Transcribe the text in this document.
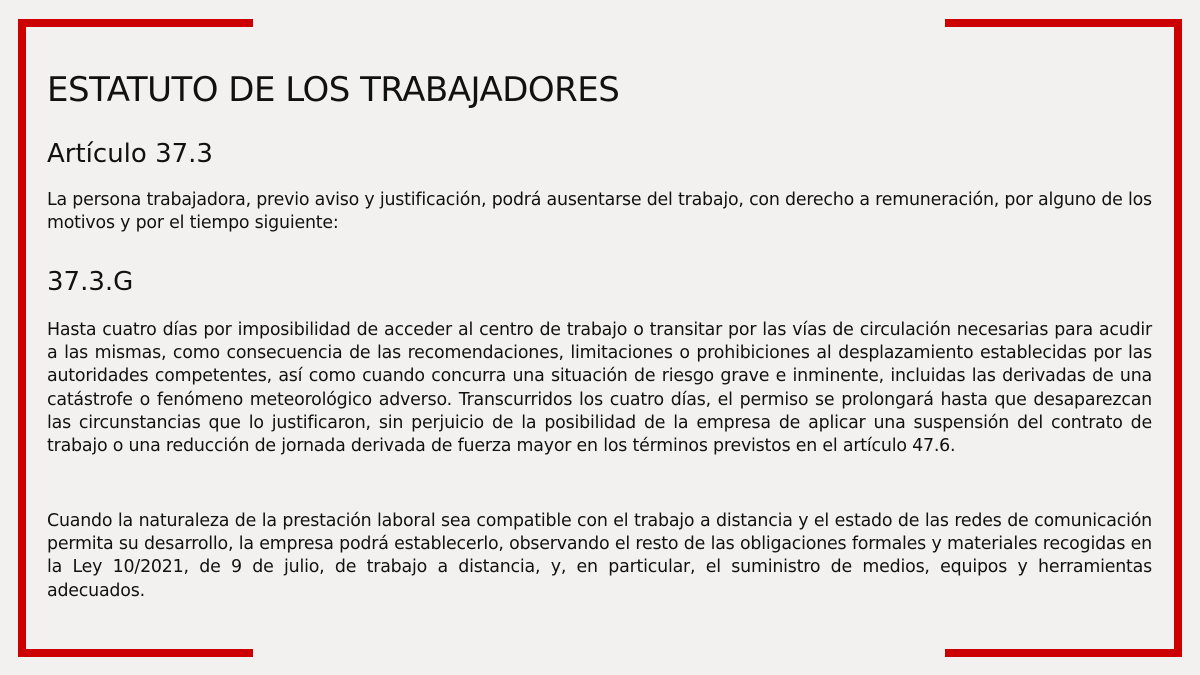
ESTATUTO DE LOS TRABAJADORES
Artículo 37.3

La persona trabajadora, previo aviso y justificación, podrá ausentarse del trabajo, con derecho a remuneración, por alguno de los motivos y por el tiempo siguiente:

37.3.G

Hasta cuatro días por imposibilidad de acceder al centro de trabajo o transitar por las vías de circulación necesarias para acudir a las mismas, como consecuencia de las recomendaciones, limitaciones o prohibiciones al desplazamiento establecidas por las autoridades competentes, así como cuando concurra una situación de riesgo grave e inminente, incluidas las derivadas de una catástrofe o fenómeno meteorológico adverso. Transcurridos los cuatro días, el permiso se prolongará hasta que desaparezcan las circunstancias que lo justificaron, sin perjuicio de la posibilidad de la empresa de aplicar una suspensión del contrato de trabajo o una reducción de jornada derivada de fuerza mayor en los términos previstos en el artículo 47.6.

Cuando la naturaleza de la prestación laboral sea compatible con el trabajo a distancia y el estado de las redes de comunicación permita su desarrollo, la empresa podrá establecerlo, observando el resto de las obligaciones formales y materiales recogidas en la Ley 10/2021, de 9 de julio, de trabajo a distancia, y, en particular, el suministro de medios, equipos y herramientas adecuados.
